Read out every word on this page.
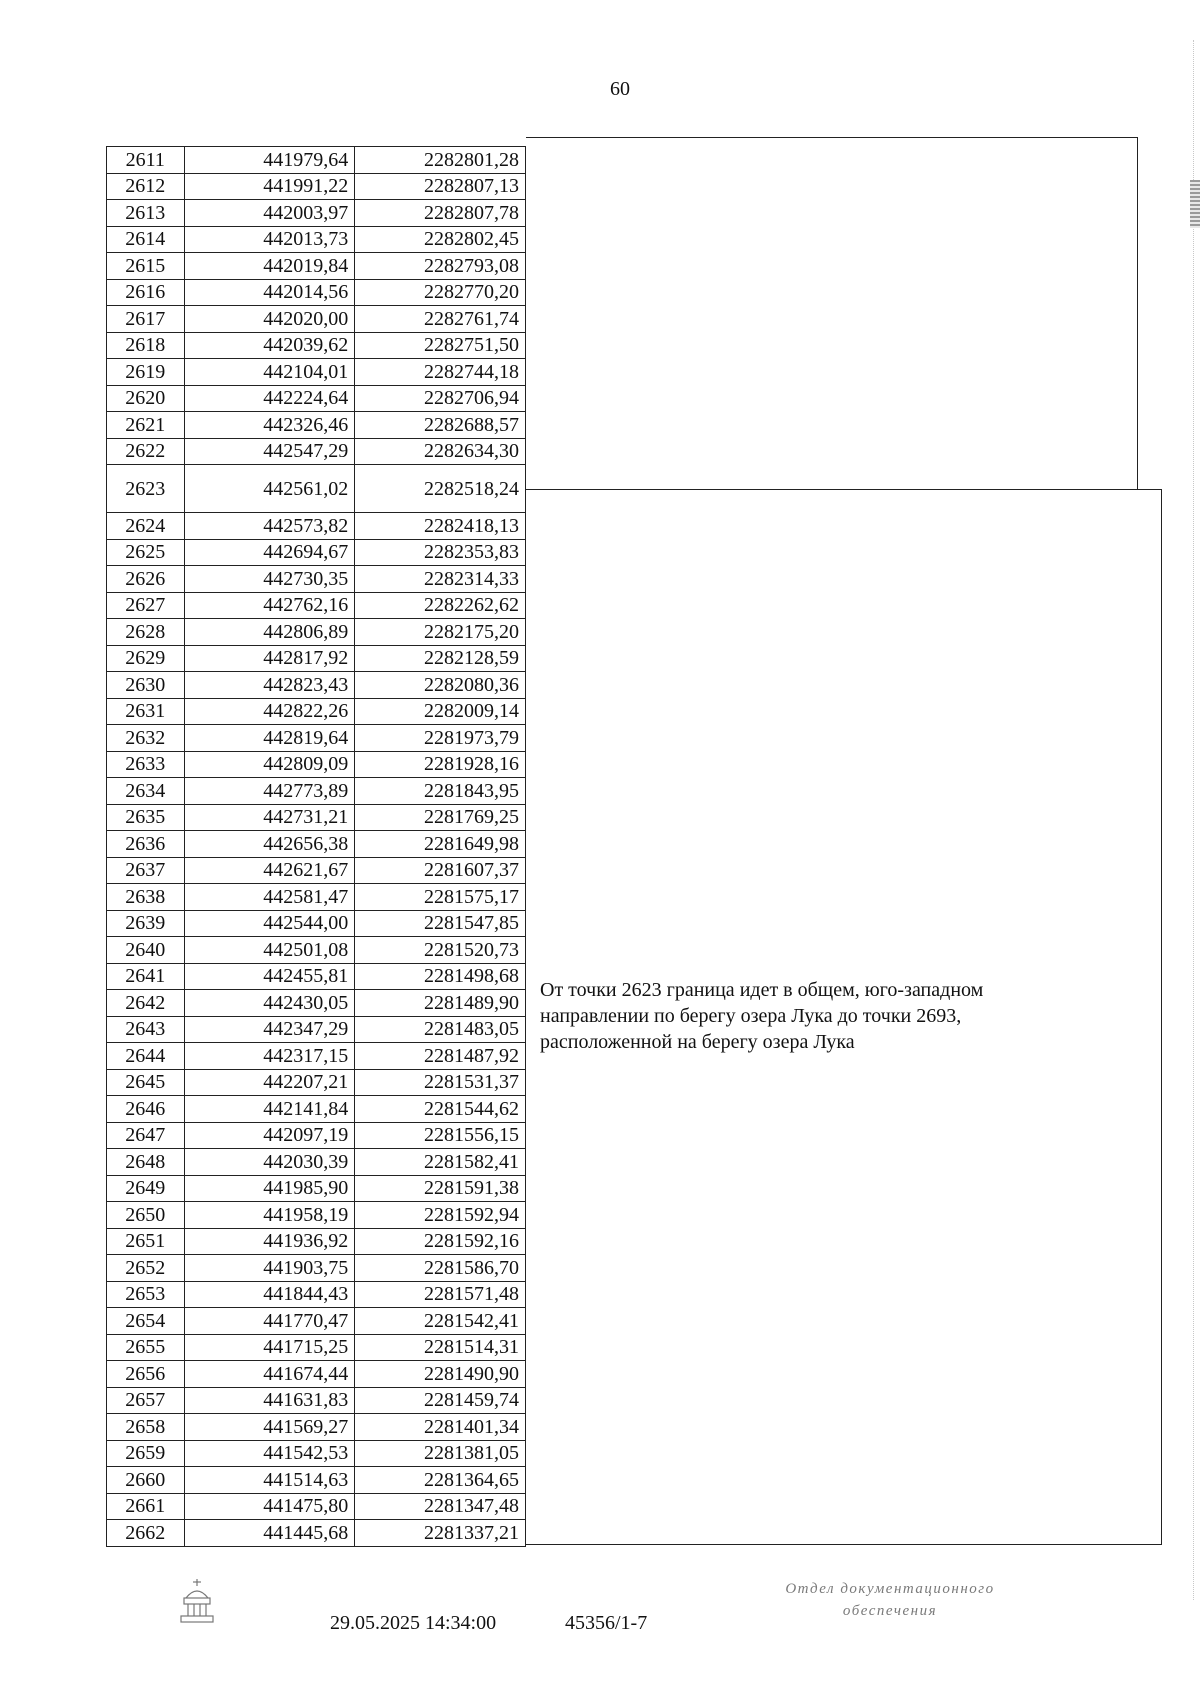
60
2611	441979,64	2282801,28
2612	441991,22	2282807,13
2613	442003,97	2282807,78
2614	442013,73	2282802,45
2615	442019,84	2282793,08
2616	442014,56	2282770,20
2617	442020,00	2282761,74
2618	442039,62	2282751,50
2619	442104,01	2282744,18
2620	442224,64	2282706,94
2621	442326,46	2282688,57
2622	442547,29	2282634,30
2623	442561,02	2282518,24
2624	442573,82	2282418,13
2625	442694,67	2282353,83
2626	442730,35	2282314,33
2627	442762,16	2282262,62
2628	442806,89	2282175,20
2629	442817,92	2282128,59
2630	442823,43	2282080,36
2631	442822,26	2282009,14
2632	442819,64	2281973,79
2633	442809,09	2281928,16
2634	442773,89	2281843,95
2635	442731,21	2281769,25
2636	442656,38	2281649,98
2637	442621,67	2281607,37
2638	442581,47	2281575,17
2639	442544,00	2281547,85
2640	442501,08	2281520,73
2641	442455,81	2281498,68
2642	442430,05	2281489,90
2643	442347,29	2281483,05
2644	442317,15	2281487,92
2645	442207,21	2281531,37
2646	442141,84	2281544,62
2647	442097,19	2281556,15
2648	442030,39	2281582,41
2649	441985,90	2281591,38
2650	441958,19	2281592,94
2651	441936,92	2281592,16
2652	441903,75	2281586,70
2653	441844,43	2281571,48
2654	441770,47	2281542,41
2655	441715,25	2281514,31
2656	441674,44	2281490,90
2657	441631,83	2281459,74
2658	441569,27	2281401,34
2659	441542,53	2281381,05
2660	441514,63	2281364,65
2661	441475,80	2281347,48
2662	441445,68	2281337,21
От точки 2623 граница идет в общем, юго-западном
направлении по берегу озера Лука до точки 2693,
расположенной на берегу озера Лука
29.05.2025 14:34:00	45356/1-7
Отдел документационного
обеспечения
